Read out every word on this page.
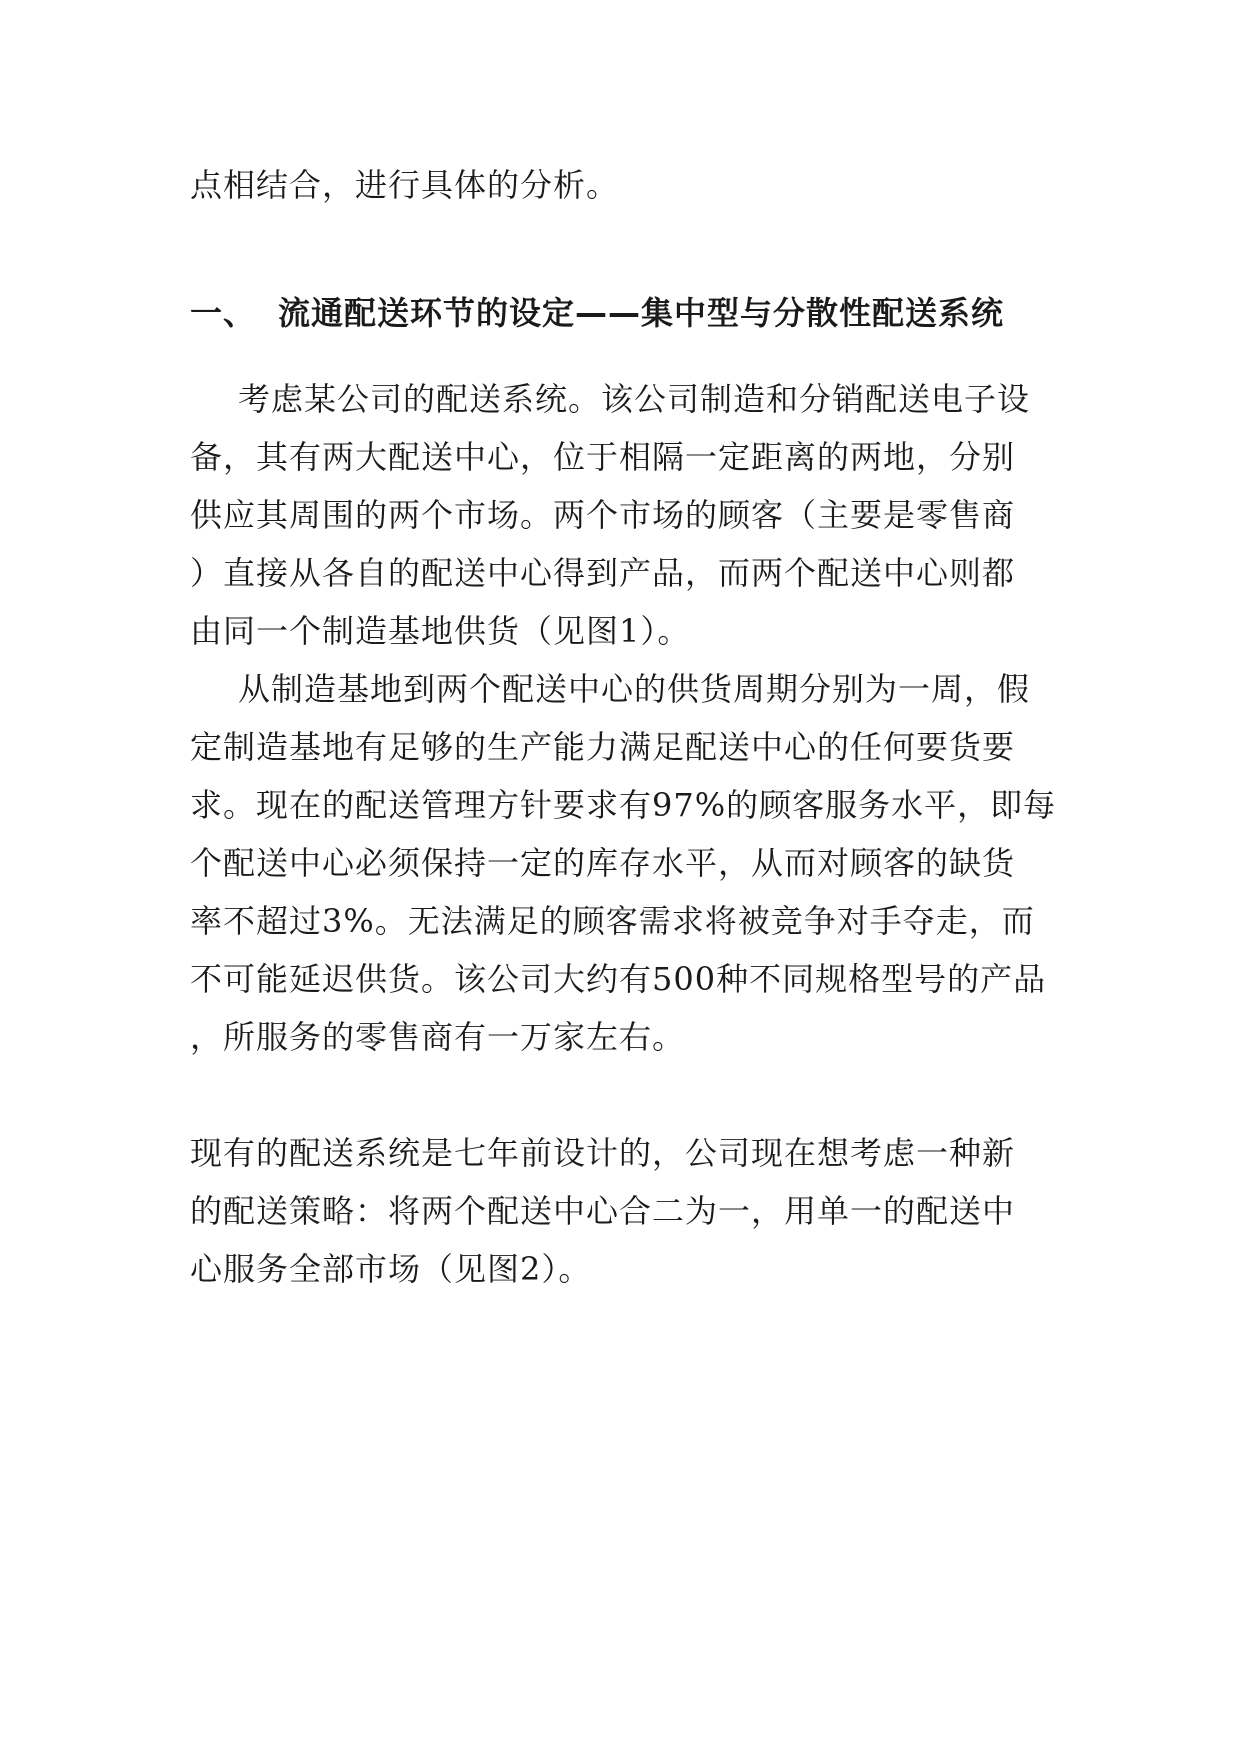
点相结合，进行具体的分析。
一、 流通配送环节的设定——集中型与分散性配送系统
考虑某公司的配送系统。该公司制造和分销配送电子设
备，其有两大配送中心，位于相隔一定距离的两地，分别
供应其周围的两个市场。两个市场的顾客（主要是零售商
）直接从各自的配送中心得到产品，而两个配送中心则都
由同一个制造基地供货（见图1）。
从制造基地到两个配送中心的供货周期分别为一周，假
定制造基地有足够的生产能力满足配送中心的任何要货要
求。现在的配送管理方针要求有97%的顾客服务水平，即每
个配送中心必须保持一定的库存水平，从而对顾客的缺货
率不超过3%。无法满足的顾客需求将被竞争对手夺走，而
不可能延迟供货。该公司大约有500种不同规格型号的产品
，所服务的零售商有一万家左右。
现有的配送系统是七年前设计的，公司现在想考虑一种新
的配送策略：将两个配送中心合二为一，用单一的配送中
心服务全部市场（见图2）。
